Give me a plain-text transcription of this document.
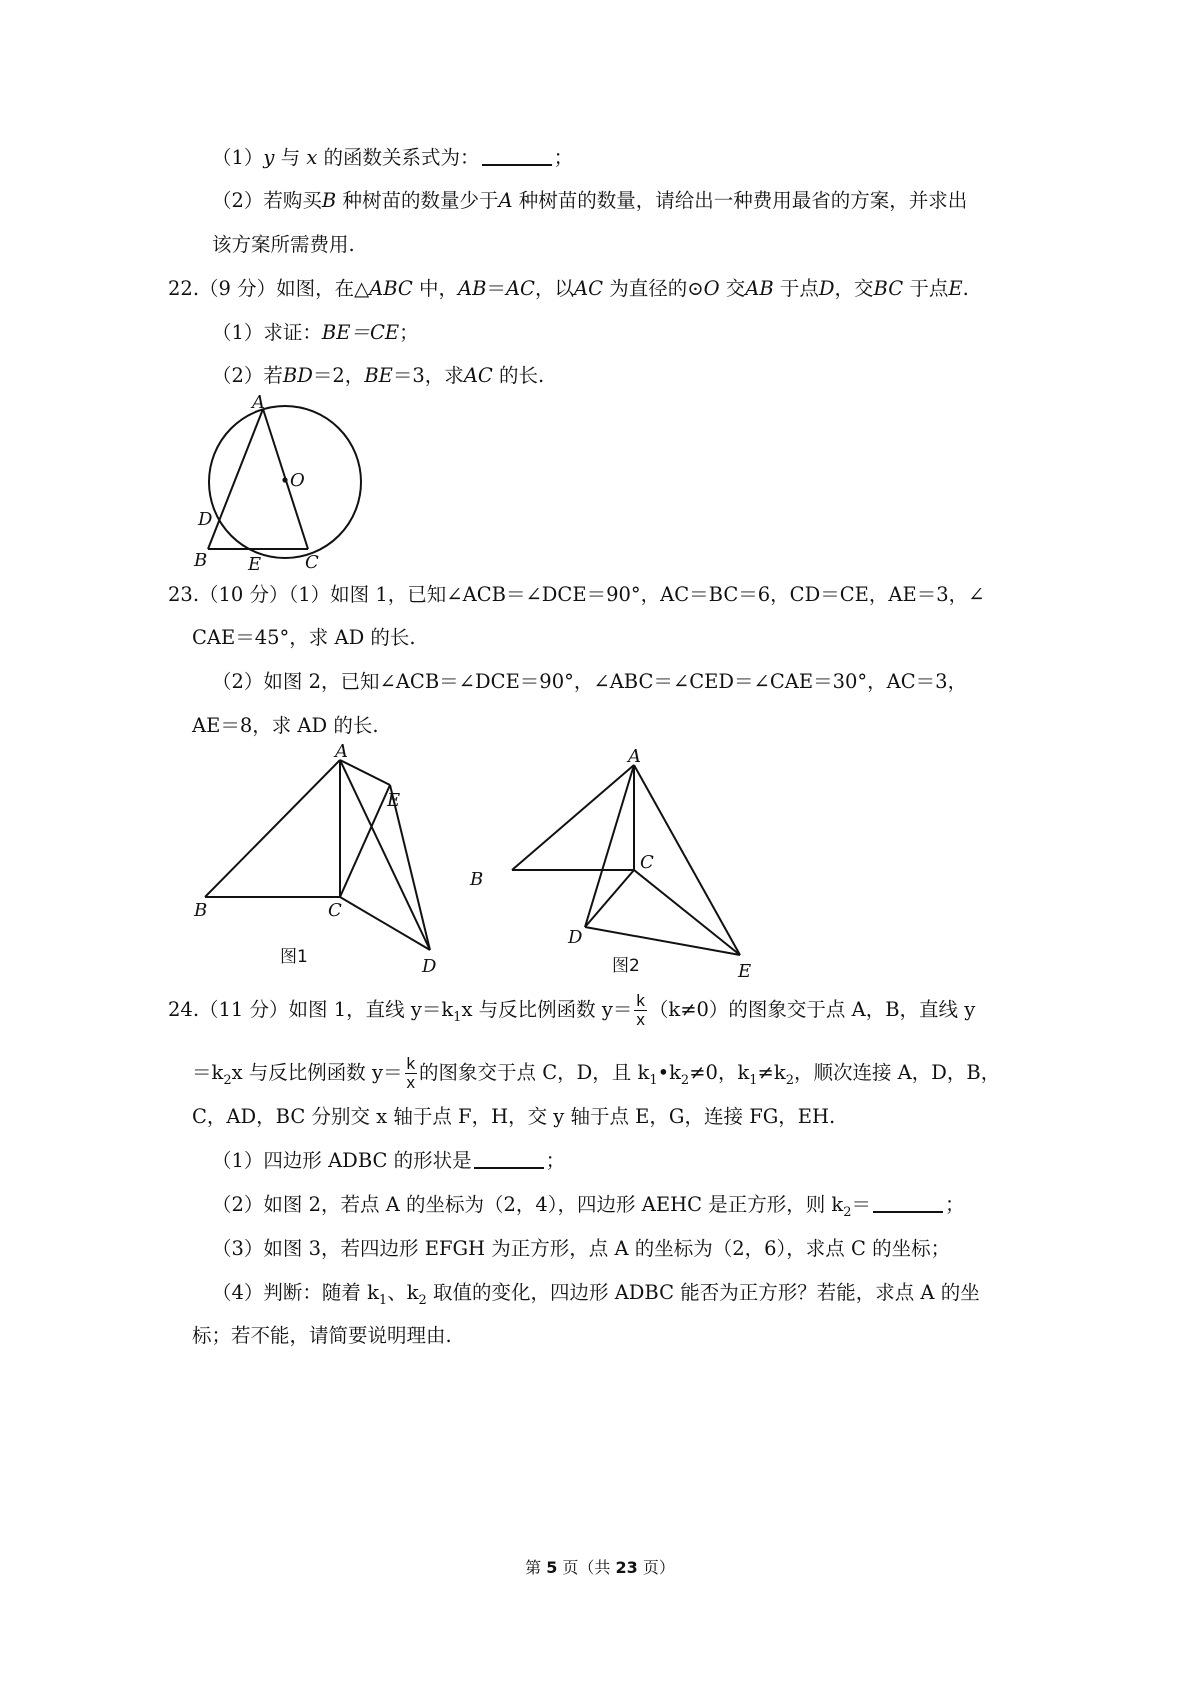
（1）y 与 x 的函数关系式为：	；
（2）若购买B 种树苗的数量少于A 种树苗的数量，请给出一种费用最省的方案，并求出
该方案所需费用.
22.（9 分）如图，在△ABC 中，AB＝AC，以AC 为直径的⊙O 交AB 于点D，交BC 于点E.
（1）求证：BE＝CE；
（2）若BD＝2，BE＝3，求AC 的长.
A
O
D
B E C
23.（10 分）（1）如图 1，已知∠ACB＝∠DCE＝90°，AC＝BC＝6，CD＝CE，AE＝3，∠
CAE＝45°，求 AD 的长.
（2）如图 2，已知∠ACB＝∠DCE＝90°，∠ABC＝∠CED＝∠CAE＝30°，AC＝3，
AE＝8，求 AD 的长.
A
E
B	C
D
图1
A
C
B
D
E
图2
24.（11 分）如图 1，直线 $y=k_1x$ 与反比例函数 $y= \frac{k}{x} (k\ne 0)$的图象交于点 A，B，直线 y
$=k_2x$ 与反比例函数 $y= \frac{k}{x}$ 的图象交于点 C，D，且 $k_1•k_2\ne 0$，$k_1\ne k_2$，顺次连接 A，D，B，
C，AD，BC 分别交 x 轴于点 F，H，交 y 轴于点 E，G，连接 FG，EH.
（1）四边形 ADBC 的形状是	；
（2）如图 2，若点 A 的坐标为（2，4），四边形 AEHC 是正方形，则 $k_2=$	；
（3）如图 3，若四边形 EFGH 为正方形，点 A 的坐标为（2，6），求点 C 的坐标；
（4）判断：随着 $k_1$、$k_2$ 取值的变化，四边形 ADBC 能否为正方形？若能，求点 A 的坐
标；若不能，请简要说明理由.
第 5 页（共 23 页）
